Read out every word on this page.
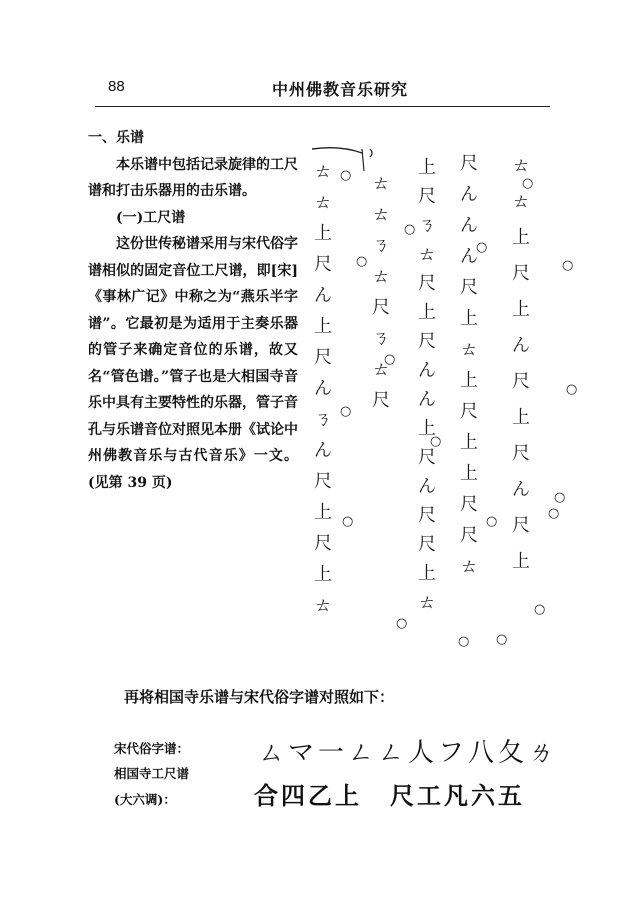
88	中州佛教音乐研究

一、乐谱

本乐谱中包括记录旋律的工尺谱和打击乐器用的击乐谱。

(一)工尺谱

这份世传秘谱采用与宋代俗字谱相似的固定音位工尺谱，即[宋]《事林广记》中称之为“燕乐半字谱”。它最初是为适用于主奏乐器的管子来确定音位的乐谱，故又名“管色谱。”管子也是大相国寺音乐中具有主要特性的乐器，管子音孔与乐谱音位对照见本册《试论中州佛教音乐与古代音乐》一文。(见第 39 页)

ㄊ
ㄊ
上
尺
ん
上
尺
ん
ㄋ
ん
尺
上
尺
上
ㄊ
ㄊ
ㄊ
ㄋ
ㄊ
尺
ㄋ
ㄊ
尺
上
尺
ㄋ
ㄊ
尺
上
尺
ん
ん
上
尺
ん
尺
尺
上
ㄊ
尺
ん
ん
ん
尺
上
ㄊ
上
尺
上
上
尺
尺
ㄊ
ㄊ
ㄊ
上
尺
上
ん
尺
上
尺
ん
尺
上
○
○
○
○
○
○
○
○
○
○
○
○
○
○
○	○
○
○
再将相国寺乐谱与宋代俗字谱对照如下：
宋代俗字谱：
相国寺工尺谱
(大六调)：
ㄙマ一ㄥㄥ人フ八夂ㄌ
合四乙上 尺工凡六五
